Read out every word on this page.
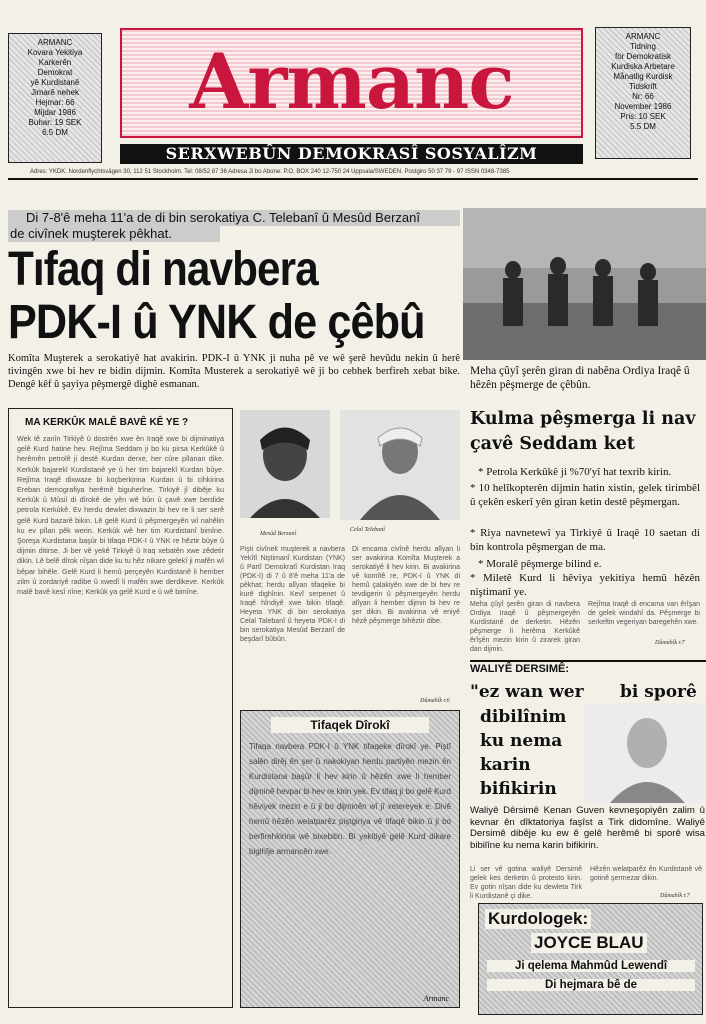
ARMANC
Kovara Yekitiya
Karkerên
Demokrat
yê Kurdistanê
Jimarê nehek
Hejmar: 66
Mijdar 1986
Buhar: 19 SEK
6.5 DM
Armanc
SERXWEBÛN DEMOKRASÎ SOSYALÎZM
ARMANC
Tidning
för Demokratisk
Kurdiska Arbetare
Månatlig Kurdisk
Tidskrift
Nr: 66
November 1986
Pris: 10 SEK
5.5 DM
Adres: YKDK. Nordenflychtsvägen 30, 112 51 Stockholm. Tel: 08/52 87 36 Adresa Ji bo Abone: P.O. BOX 240 12-750 24 Uppsala/SWEDEN. Postgiro 50 37 79 - 97 ISSN 0348-7385
Di 7-8'ê meha 11'a de di bin serokatiya C. Telebanî û Mesûd Berzanî
de civînek muşterek pêkhat.
Tıfaq di navbera
PDK-I û YNK de çêbû
Komîta Muşterek a serokatiyê hat avakirin. PDK-I û YNK ji nuha pê ve wê şerê hevûdu nekin û herê tivingên xwe bi hev re bidin dijmin. Komîta Musterek a serokatiyê wê ji bo cebhek berfireh xebat bike. Dengê kêf û şayiya pêşmergê dighê esmanan.
MA KERKÛK MALÊ BAVÊ KÊ YE ?
Wek tê zanîn Tirkiyê û dostrên xwe ên Iraqê xwe bi dijminatiya gelê Kurd hatine hev. Rejîma Seddam ji bo ku pirsa Kerkûkê û herêmên petrolê ji destê Kurdan derxe, her cûre pîlanan dike. Kerkûk bajarekî Kurdistanê ye û her tim bajarekî Kurdan bûye. Rejîma Iraqê dixwaze bi koçberkirina Kurdan û bi cihkirina Ereban demografiya herêmê biguherîne. Tirkiyê jî dibêje ku Kerkûk û Mûsil di dîrokê de yên wê bûn û çavê xwe berdide petrola Kerkûkê. Ev herdu dewlet dixwazin bi hev re li ser serê gelê Kurd bazarê bikin. Lê gelê Kurd û pêşmergeyên wî nahêlin ku ev pîlan pêk werin. Kerkûk wê her tim Kurdistanî bimîne. Şoreşa Kurdistana başûr bi tifaqa PDK-I û YNK re hêztir bûye û dijmin ditirse. Ji ber vê yekê Tirkiyê û Iraq xebatên xwe zêdetir dikin. Lê belê dîrok nîşan dide ku tu hêz nikare gelekî ji mafên wî bêpar bihêle. Gelê Kurd li hemû perçeyên Kurdistanê li hember zilm û zordariyê radibe û xwedî li mafên xwe derdikeve. Kerkûk malê bavê kesî nîne; Kerkûk ya gelê Kurd e û wê bimîne.
Mesûd Berzanî
Celal Telebanî
Pişti civînek muşterek a navbera Yekîtî Niştimanî Kurdistan (YNK) û Partî Demokratî Kurdistan Iraq (PDK-I) di 7 û 8'ê meha 11'a de pêkhat; herdu alîyan tifaqeke bi kurê dighînin. Kevî serpenet û Iraqê hîndiyê xwe bikin tifaqê. Heyeta YNK di bin serokatiya Celal Talebanî û heyeta PDK-I di bin serokatiya Mesûd Berzanî de beşdarî bûbûn.
Di encama civînê herdu alîyan li ser avakirina Komîta Muşterek a serokatiyê li hev kirin. Bi avakirina vê komîtê re, PDK-I û YNK di hemû çalakiyên xwe de bi hev re tevdigerin û pêşmergeyên herdu alîyan li hember dijmin bi hev re şer dikin. Bi avakirina vê eniyê hêzê pêşmerge bihêztir dibe.
Dûmahîk r.6
Tifaqek Dîrokî
Tifaqa navbera PDK-I û YNK tifaqeke dîrokî ye. Piştî salên dirêj ên şer û nakokiyan herdu partiyên mezin ên Kurdistana başûr li hev kirin û hêzên xwe li hember dijminê hevpar bi hev re kirin yek. Ev tifaq ji bo gelê Kurd hêviyek mezin e û ji bo dijminên wî jî xetereyek e. Divê hemû hêzên welatparêz piştgiriya vê tifaqê bikin û ji bo berfirehkirina wê bixebitin. Bi yekitiyê gelê Kurd dikare bigihîje armancên xwe.
Armanc
Meha çûyî şerên giran di nabêna Ordiya Iraqê û hêzên pêşmerge de çêbûn.
Kulma pêşmerga li nav çavê Seddam ket
* Petrola Kerkûkê ji %70'yî hat texrib kirin.
* 10 helîkopterên dijmin hatin xistin, gelek tirimbêl û çekên eskerî yên giran ketin destê pêşmergan.
* Riya navnetewî ya Tirkiyê û Iraqê 10 saetan di bin kontrola pêşmergan de ma.
* Moralê pêşmerge bilind e.
* Miletê Kurd li hêviya yekitiya hemû hêzên niştimanî ye.
Meha çûyî şerên giran di navbera Ordiya Iraqê û pêşmergeyên Kurdistanê de derketin. Hêzên pêşmerge li herêma Kerkûkê êrîşên mezin kirin û zirarek giran dan dijmin.
Rejîma Iraqê di encama van êrîşan de gelek windahî da. Pêşmerge bi serkeftin vegeriyan baregehên xwe.
Dûmahîk r.7
WALIYÊ DERSIMÊ:
"ez wan wer bi sporê
dibilînim
ku nema
karin
bifikirin
Waliyê Dêrsimê Kenan Guven kevneşopiyên zalim û kevnar ên dîktatoriya faşîst a Tirk didomîne. Waliyê Dersimê dibêje ku ew ê gelê herêmê bi sporê wisa bibilîne ku nema karin bifikirin.
Li ser vê gotina waliyê Dersimê gelek kes derketin û protesto kirin. Ev gotin nîşan dide ku dewleta Tirk li Kurdistanê çi dike.
Hêzên welatparêz ên Kurdistanê vê gotinê şermezar dikin.
Dûmahîk r.7
Kurdologek:
JOYCE BLAU
Ji qelema Mahmûd Lewendî
Di hejmara bê de
